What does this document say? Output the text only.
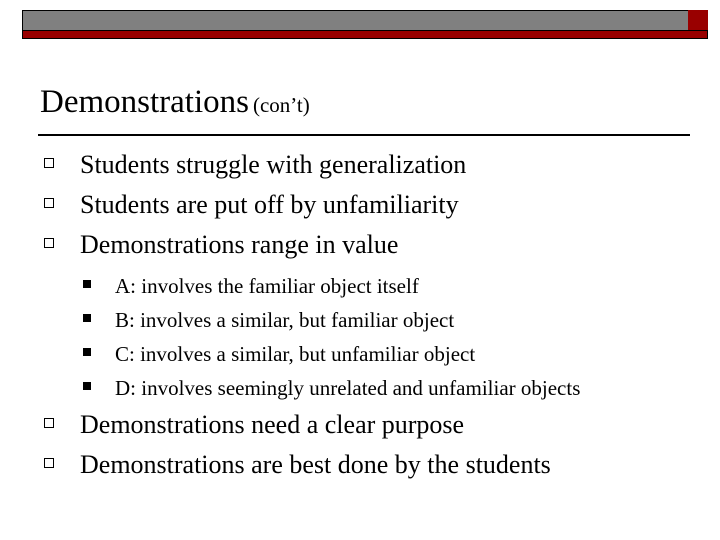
Demonstrations (con’t)
Students struggle with generalization
Students are put off by unfamiliarity
Demonstrations range in value
A: involves the familiar object itself
B: involves a similar, but familiar object
C: involves a similar, but unfamiliar object
D: involves seemingly unrelated and unfamiliar objects
Demonstrations need a clear purpose
Demonstrations are best done by the students
